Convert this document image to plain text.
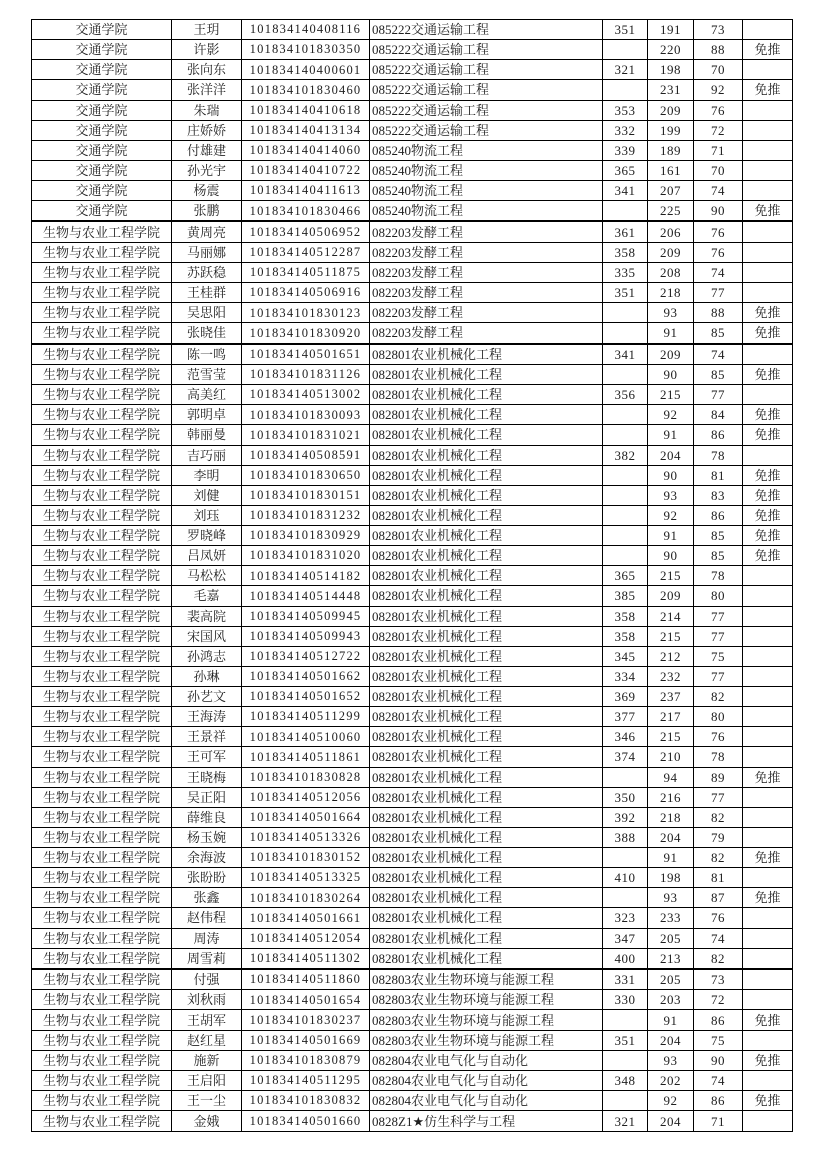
交通学院	王玥	101834140408116	085222交通运输工程	351	191	73	
交通学院	许影	101834101830350	085222交通运输工程		220	88	免推
交通学院	张向东	101834140400601	085222交通运输工程	321	198	70	
交通学院	张洋洋	101834101830460	085222交通运输工程		231	92	免推
交通学院	朱瑞	101834140410618	085222交通运输工程	353	209	76	
交通学院	庄娇娇	101834140413134	085222交通运输工程	332	199	72	
交通学院	付雄建	101834140414060	085240物流工程	339	189	71	
交通学院	孙光宇	101834140410722	085240物流工程	365	161	70	
交通学院	杨震	101834140411613	085240物流工程	341	207	74	
交通学院	张鹏	101834101830466	085240物流工程		225	90	免推
生物与农业工程学院	黄周亮	101834140506952	082203发酵工程	361	206	76	
生物与农业工程学院	马丽娜	101834140512287	082203发酵工程	358	209	76	
生物与农业工程学院	苏跃稳	101834140511875	082203发酵工程	335	208	74	
生物与农业工程学院	王桂群	101834140506916	082203发酵工程	351	218	77	
生物与农业工程学院	吴思阳	101834101830123	082203发酵工程		93	88	免推
生物与农业工程学院	张晓佳	101834101830920	082203发酵工程		91	85	免推
生物与农业工程学院	陈一鸣	101834140501651	082801农业机械化工程	341	209	74	
生物与农业工程学院	范雪莹	101834101831126	082801农业机械化工程		90	85	免推
生物与农业工程学院	高美红	101834140513002	082801农业机械化工程	356	215	77	
生物与农业工程学院	郭明卓	101834101830093	082801农业机械化工程		92	84	免推
生物与农业工程学院	韩丽曼	101834101831021	082801农业机械化工程		91	86	免推
生物与农业工程学院	吉巧丽	101834140508591	082801农业机械化工程	382	204	78	
生物与农业工程学院	李明	101834101830650	082801农业机械化工程		90	81	免推
生物与农业工程学院	刘健	101834101830151	082801农业机械化工程		93	83	免推
生物与农业工程学院	刘珏	101834101831232	082801农业机械化工程		92	86	免推
生物与农业工程学院	罗晓峰	101834101830929	082801农业机械化工程		91	85	免推
生物与农业工程学院	吕凤妍	101834101831020	082801农业机械化工程		90	85	免推
生物与农业工程学院	马松松	101834140514182	082801农业机械化工程	365	215	78	
生物与农业工程学院	毛嘉	101834140514448	082801农业机械化工程	385	209	80	
生物与农业工程学院	裴高院	101834140509945	082801农业机械化工程	358	214	77	
生物与农业工程学院	宋国风	101834140509943	082801农业机械化工程	358	215	77	
生物与农业工程学院	孙鸿志	101834140512722	082801农业机械化工程	345	212	75	
生物与农业工程学院	孙琳	101834140501662	082801农业机械化工程	334	232	77	
生物与农业工程学院	孙艺文	101834140501652	082801农业机械化工程	369	237	82	
生物与农业工程学院	王海涛	101834140511299	082801农业机械化工程	377	217	80	
生物与农业工程学院	王景祥	101834140510060	082801农业机械化工程	346	215	76	
生物与农业工程学院	王可军	101834140511861	082801农业机械化工程	374	210	78	
生物与农业工程学院	王晓梅	101834101830828	082801农业机械化工程		94	89	免推
生物与农业工程学院	吴正阳	101834140512056	082801农业机械化工程	350	216	77	
生物与农业工程学院	薛维良	101834140501664	082801农业机械化工程	392	218	82	
生物与农业工程学院	杨玉婉	101834140513326	082801农业机械化工程	388	204	79	
生物与农业工程学院	余海波	101834101830152	082801农业机械化工程		91	82	免推
生物与农业工程学院	张盼盼	101834140513325	082801农业机械化工程	410	198	81	
生物与农业工程学院	张鑫	101834101830264	082801农业机械化工程		93	87	免推
生物与农业工程学院	赵伟程	101834140501661	082801农业机械化工程	323	233	76	
生物与农业工程学院	周涛	101834140512054	082801农业机械化工程	347	205	74	
生物与农业工程学院	周雪莉	101834140511302	082801农业机械化工程	400	213	82	
生物与农业工程学院	付强	101834140511860	082803农业生物环境与能源工程	331	205	73	
生物与农业工程学院	刘秋雨	101834140501654	082803农业生物环境与能源工程	330	203	72	
生物与农业工程学院	王胡军	101834101830237	082803农业生物环境与能源工程		91	86	免推
生物与农业工程学院	赵红星	101834140501669	082803农业生物环境与能源工程	351	204	75	
生物与农业工程学院	施新	101834101830879	082804农业电气化与自动化		93	90	免推
生物与农业工程学院	王启阳	101834140511295	082804农业电气化与自动化	348	202	74	
生物与农业工程学院	王一尘	101834101830832	082804农业电气化与自动化		92	86	免推
生物与农业工程学院	金娥	101834140501660	0828Z1★仿生科学与工程	321	204	71	
